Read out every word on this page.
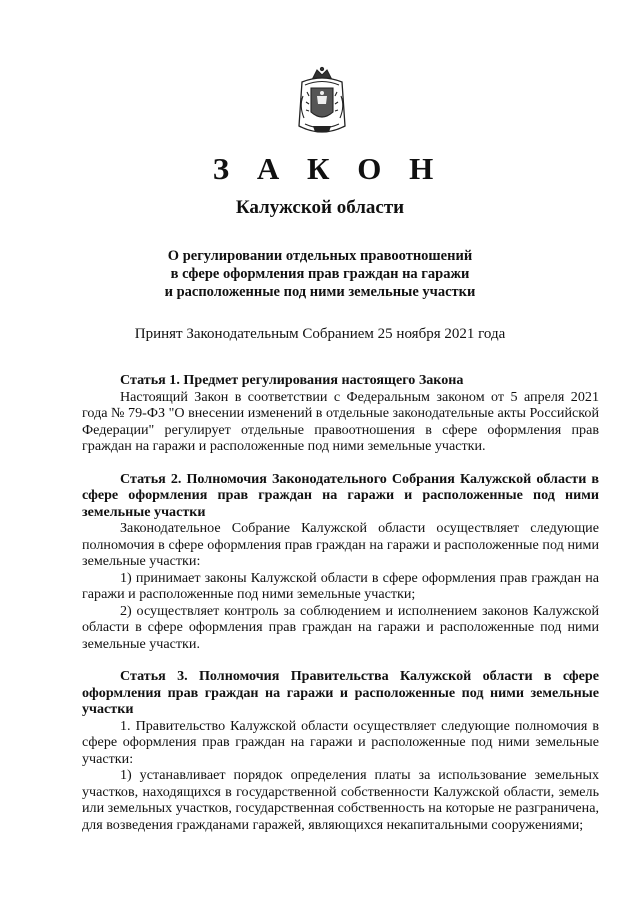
З А К О Н
Калужской области
О регулировании отдельных правоотношений
в сфере оформления прав граждан на гаражи
и расположенные под ними земельные участки
Принят Законодательным Собранием 25 ноября 2021 года

Статья 1. Предмет регулирования настоящего Закона

Настоящий Закон в соответствии с Федеральным законом от 5 апреля 2021 года № 79-ФЗ "О внесении изменений в отдельные законодательные акты Российской Федерации" регулирует отдельные правоотношения в сфере оформления прав граждан на гаражи и расположенные под ними земельные участки.

Статья 2. Полномочия Законодательного Собрания Калужской области в сфере оформления прав граждан на гаражи и расположенные под ними земельные участки

Законодательное Собрание Калужской области осуществляет следующие полномочия в сфере оформления прав граждан на гаражи и расположенные под ними земельные участки:

1) принимает законы Калужской области в сфере оформления прав граждан на гаражи и расположенные под ними земельные участки;

2) осуществляет контроль за соблюдением и исполнением законов Калужской области в сфере оформления прав граждан на гаражи и расположенные под ними земельные участки.

Статья 3. Полномочия Правительства Калужской области в сфере оформления прав граждан на гаражи и расположенные под ними земельные участки

1. Правительство Калужской области осуществляет следующие полномочия в сфере оформления прав граждан на гаражи и расположенные под ними земельные участки:

1) устанавливает порядок определения платы за использование земельных участков, находящихся в государственной собственности Калужской области, земель или земельных участков, государственная собственность на которые не разграничена, для возведения гражданами гаражей, являющихся некапитальными сооружениями;
